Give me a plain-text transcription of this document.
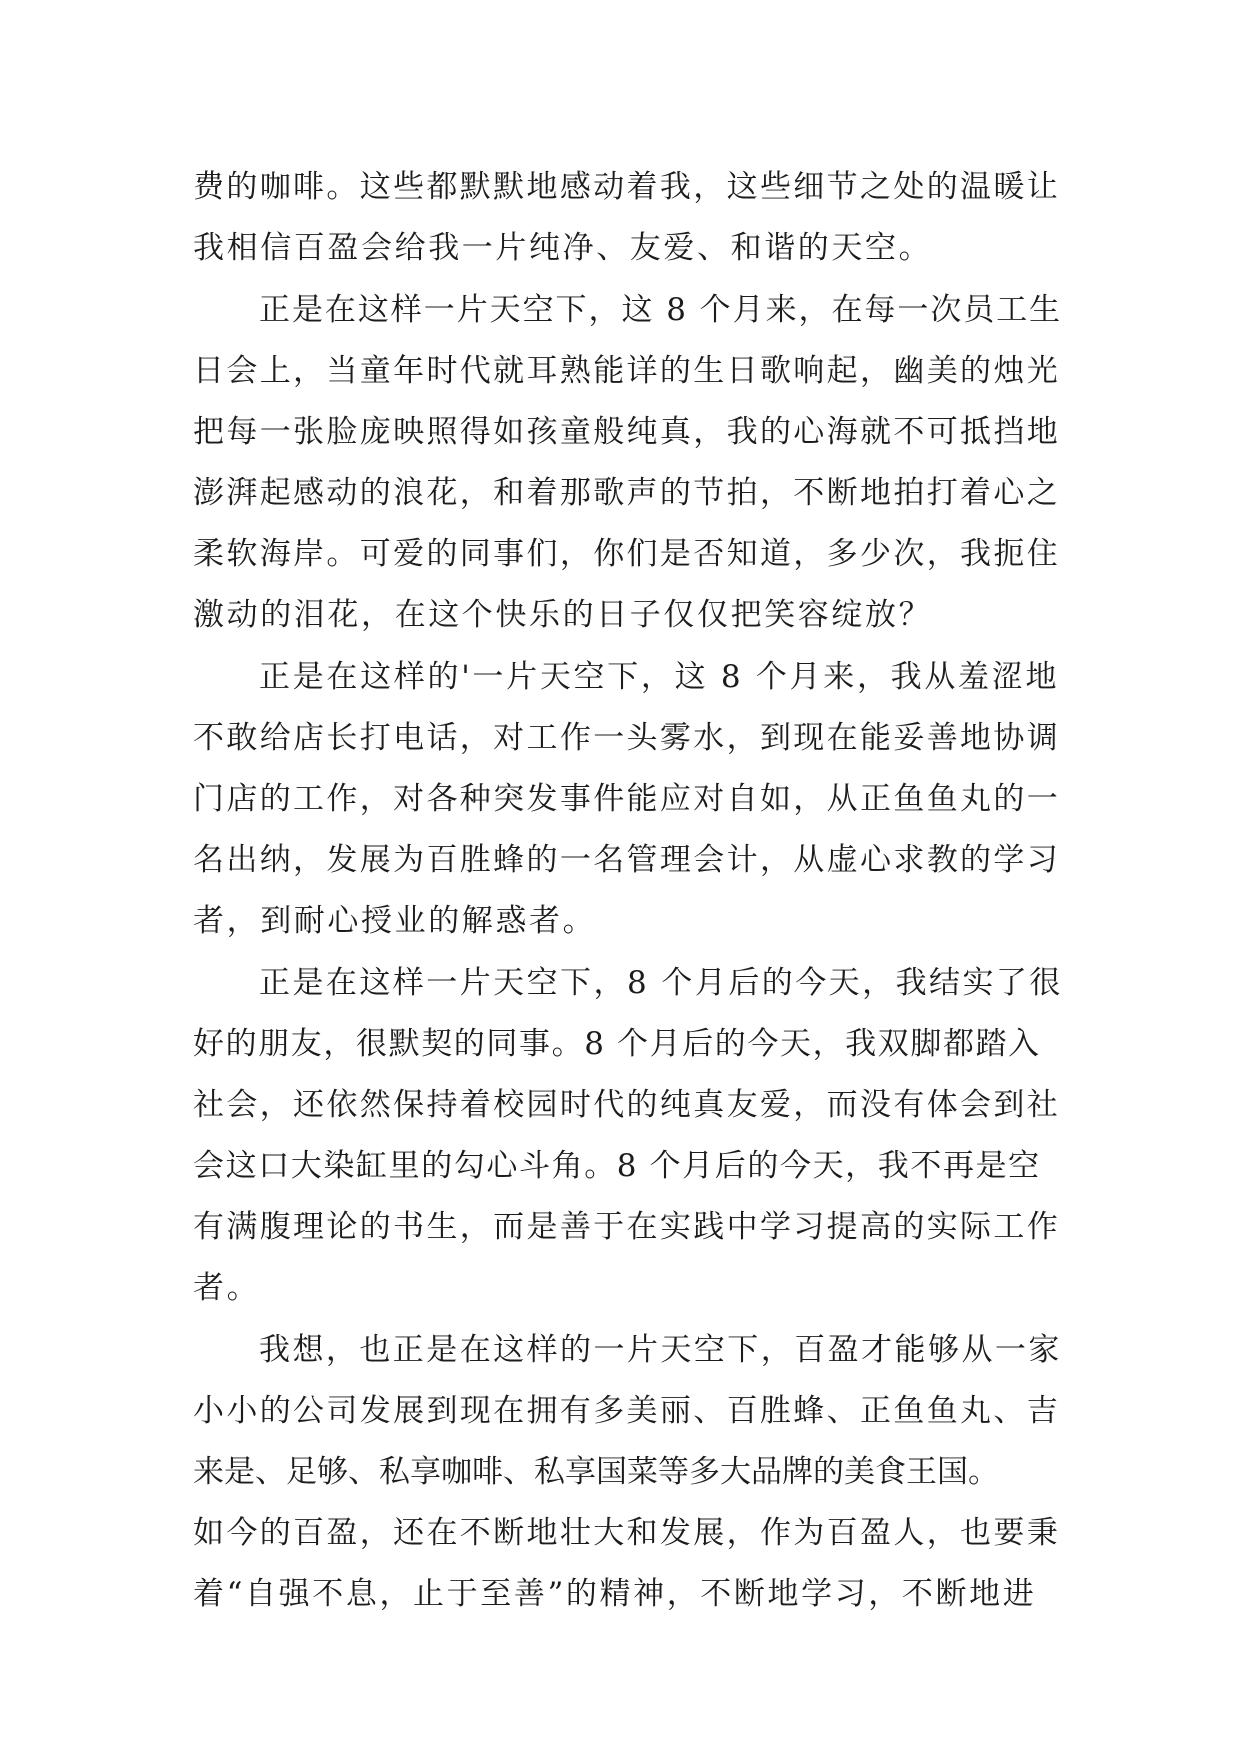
费的咖啡。这些都默默地感动着我，这些细节之处的温暖让
我相信百盈会给我一片纯净、友爱、和谐的天空。
正是在这样一片天空下，这 8 个月来，在每一次员工生
日会上，当童年时代就耳熟能详的生日歌响起，幽美的烛光
把每一张脸庞映照得如孩童般纯真，我的心海就不可抵挡地
澎湃起感动的浪花，和着那歌声的节拍，不断地拍打着心之
柔软海岸。可爱的同事们，你们是否知道，多少次，我扼住
激动的泪花，在这个快乐的日子仅仅把笑容绽放？
正是在这样的'一片天空下，这 8 个月来，我从羞涩地
不敢给店长打电话，对工作一头雾水，到现在能妥善地协调
门店的工作，对各种突发事件能应对自如，从正鱼鱼丸的一
名出纳，发展为百胜蜂的一名管理会计，从虚心求教的学习
者，到耐心授业的解惑者。
正是在这样一片天空下，8 个月后的今天，我结实了很
好的朋友，很默契的同事。8 个月后的今天，我双脚都踏入
社会，还依然保持着校园时代的纯真友爱，而没有体会到社
会这口大染缸里的勾心斗角。8 个月后的今天，我不再是空
有满腹理论的书生，而是善于在实践中学习提高的实际工作
者。
我想，也正是在这样的一片天空下，百盈才能够从一家
小小的公司发展到现在拥有多美丽、百胜蜂、正鱼鱼丸、吉
来是、足够、私享咖啡、私享国菜等多大品牌的美食王国。
如今的百盈，还在不断地壮大和发展，作为百盈人，也要秉
着“自强不息，止于至善”的精神，不断地学习，不断地进
